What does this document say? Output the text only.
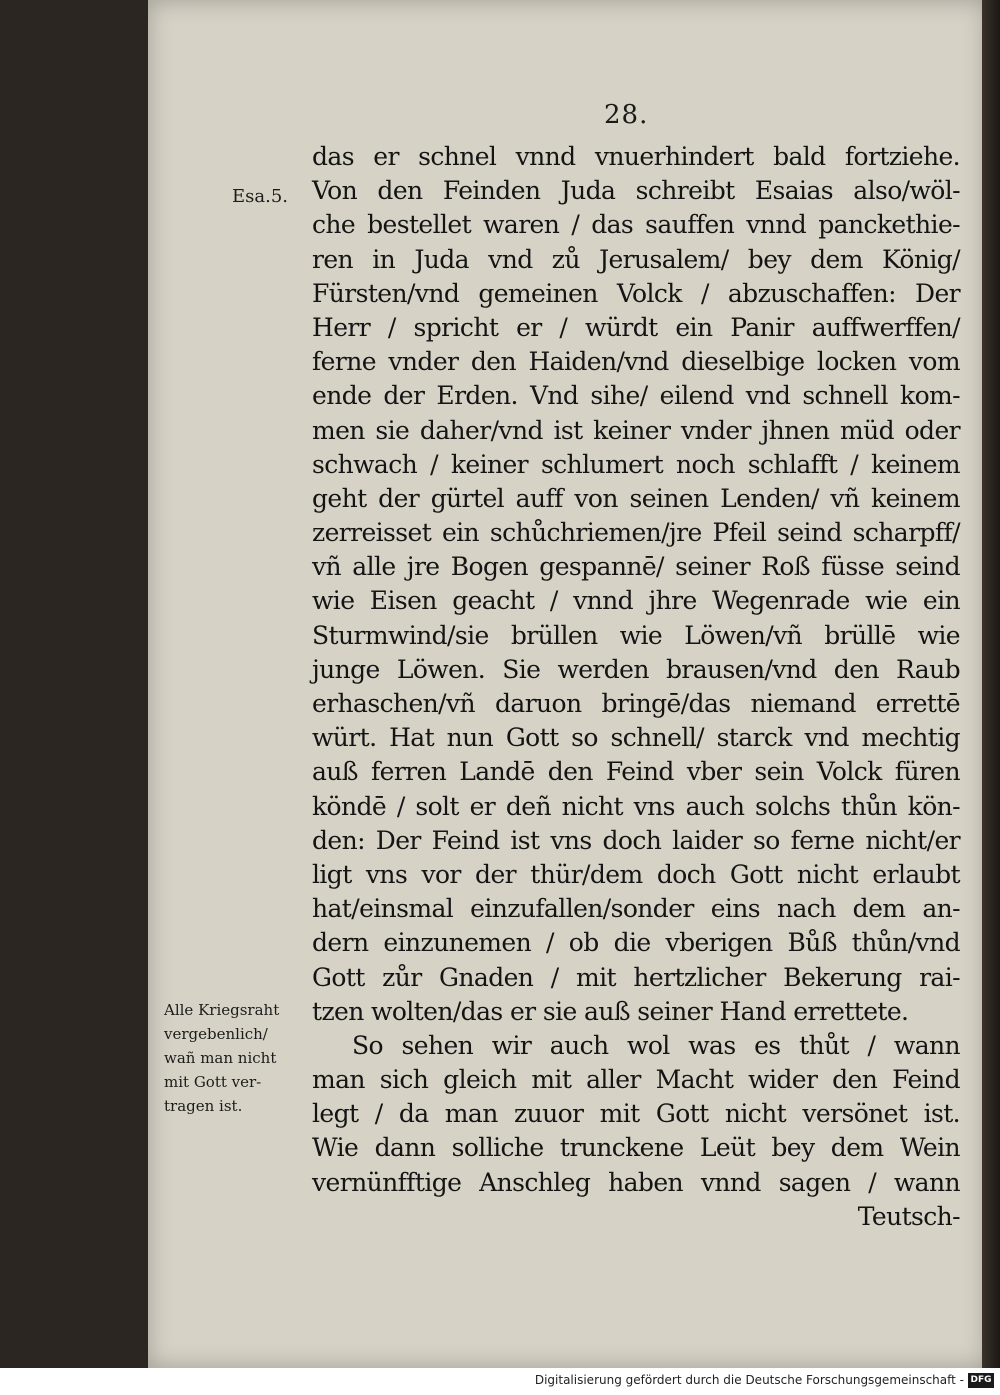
28.
Esa.5.
Alle Kriegsraht
vergebenlich/
wañ man nicht
mit Gott ver-
tragen ist.
das er schnel vnnd vnuerhindert bald fortziehe.
Von den Feinden Juda schreibt Esaias also/wöl-
che bestellet waren / das sauffen vnnd panckethie-
ren in Juda vnd zů Jerusalem/ bey dem König/
Fürsten/vnd gemeinen Volck / abzuschaffen: Der
Herr / spricht er / würdt ein Panir auffwerffen/
ferne vnder den Haiden/vnd dieselbige locken vom
ende der Erden. Vnd sihe/ eilend vnd schnell kom-
men sie daher/vnd ist keiner vnder jhnen müd oder
schwach / keiner schlumert noch schlafft / keinem
geht der gürtel auff von seinen Lenden/ vñ keinem
zerreisset ein schůchriemen/jre Pfeil seind scharpff/
vñ alle jre Bogen gespannē/ seiner Roß füsse seind
wie Eisen geacht / vnnd jhre Wegenrade wie ein
Sturmwind/sie brüllen wie Löwen/vñ brüllē wie
junge Löwen. Sie werden brausen/vnd den Raub
erhaschen/vñ daruon bringē/das niemand errettē
würt. Hat nun Gott so schnell/ starck vnd mechtig
auß ferren Landē den Feind vber sein Volck füren
köndē / solt er deñ nicht vns auch solchs thůn kön-
den: Der Feind ist vns doch laider so ferne nicht/er
ligt vns vor der thür/dem doch Gott nicht erlaubt
hat/einsmal einzufallen/sonder eins nach dem an-
dern einzunemen / ob die vberigen Bůß thůn/vnd
Gott zůr Gnaden / mit hertzlicher Bekerung rai-
tzen wolten/das er sie auß seiner Hand errettete.
So sehen wir auch wol was es thůt / wann
man sich gleich mit aller Macht wider den Feind
legt / da man zuuor mit Gott nicht versönet ist.
Wie dann solliche trunckene Leüt bey dem Wein
vernünfftige Anschleg haben vnnd sagen / wann
Teutsch-
Digitalisierung gefördert durch die Deutsche Forschungsgemeinschaft - DFG
